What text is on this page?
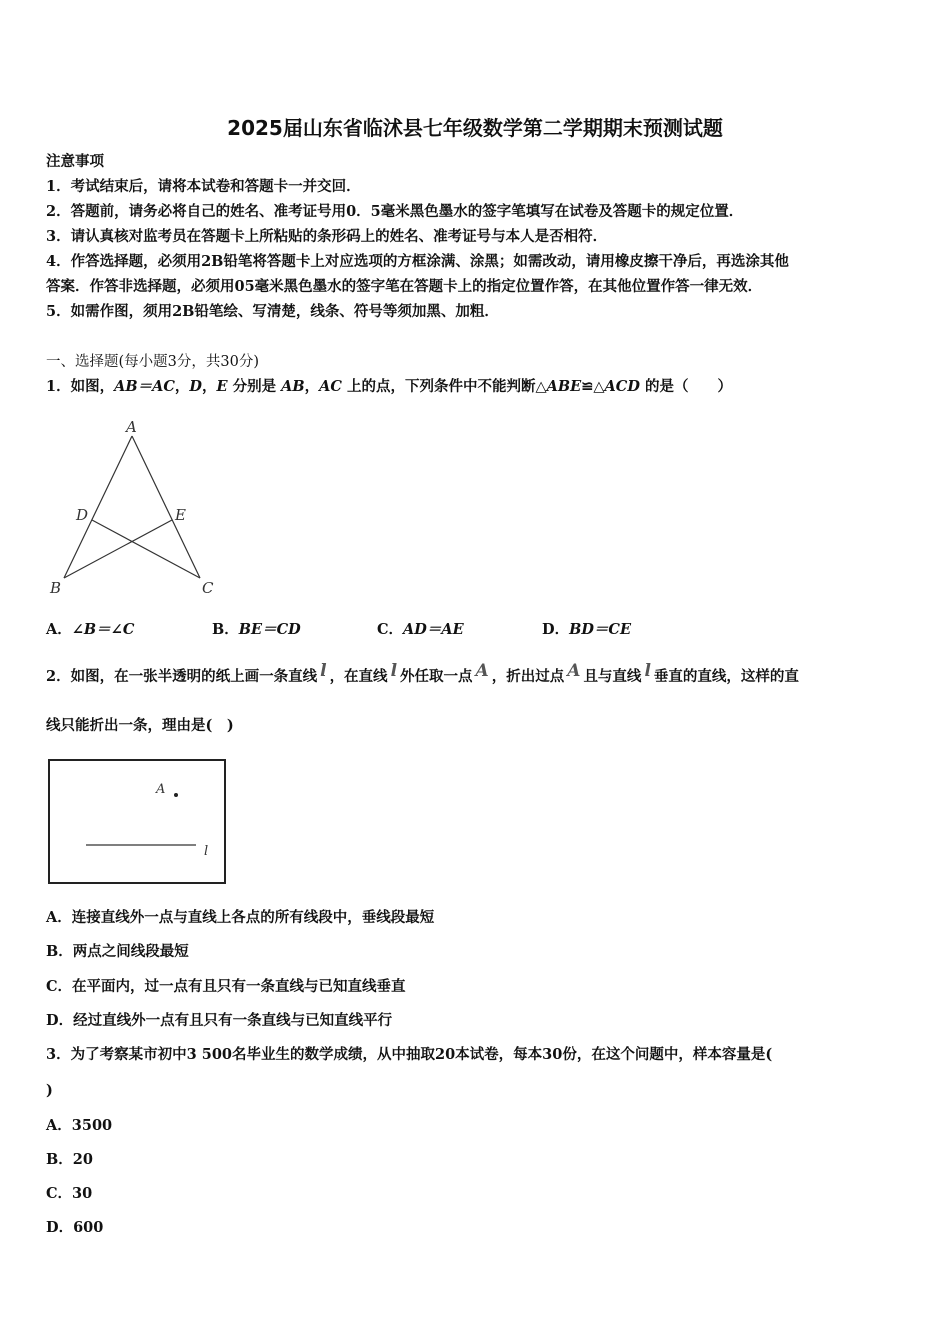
2025届山东省临沭县七年级数学第二学期期末预测试题
注意事项
1．考试结束后，请将本试卷和答题卡一并交回．
2．答题前，请务必将自己的姓名、准考证号用0．5毫米黑色墨水的签字笔填写在试卷及答题卡的规定位置．
3．请认真核对监考员在答题卡上所粘贴的条形码上的姓名、准考证号与本人是否相符．
4．作答选择题，必须用2B铅笔将答题卡上对应选项的方框涂满、涂黑；如需改动，请用橡皮擦干净后，再选涂其他
答案．作答非选择题，必须用05毫米黑色墨水的签字笔在答题卡上的指定位置作答，在其他位置作答一律无效．
5．如需作图，须用2B铅笔绘、写清楚，线条、符号等须加黑、加粗．
一、选择题(每小题3分，共30分)
1．如图，AB＝AC，D，E 分别是 AB，AC 上的点，下列条件中不能判断△ABE≌△ACD 的是（　　）
A
B	C
D	E
A．∠B＝∠C	B．BE＝CD	C．AD＝AE	D．BD＝CE
2．如图，在一张半透明的纸上画一条直线 l ，在直线 l 外任取一点 A ，折出过点 A 且与直线 l 垂直的直线，这样的直
线只能折出一条，理由是(　)
A
l
A．连接直线外一点与直线上各点的所有线段中，垂线段最短
B．两点之间线段最短
C．在平面内，过一点有且只有一条直线与已知直线垂直
D．经过直线外一点有且只有一条直线与已知直线平行
3．为了考察某市初中3 500名毕业生的数学成绩，从中抽取20本试卷，每本30份，在这个问题中，样本容量是(
)
A．3500
B．20
C．30
D．600
